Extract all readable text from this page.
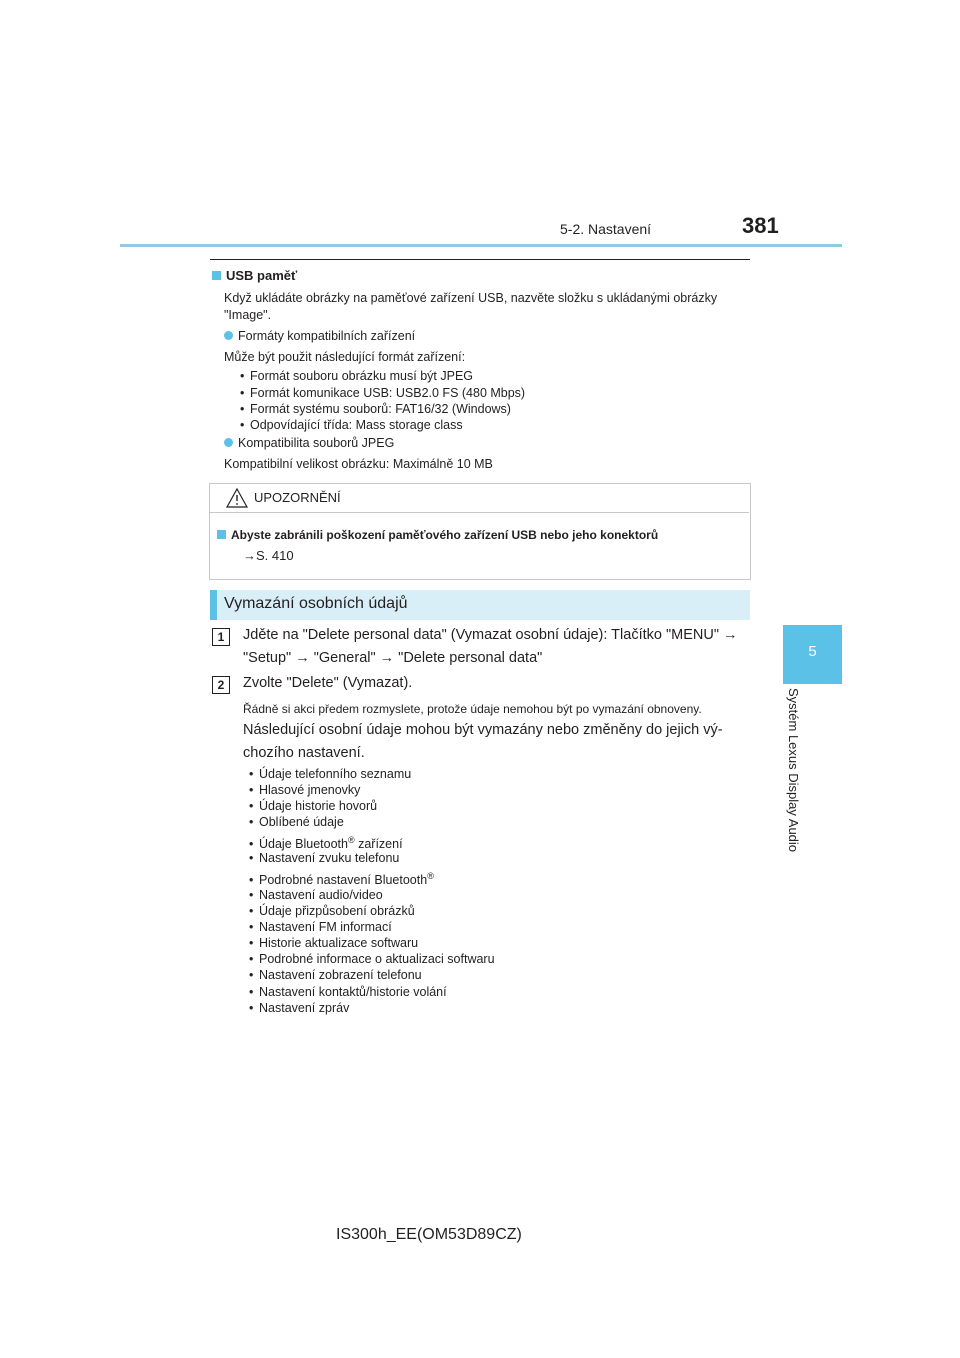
5-2. Nastavení	381
5
Systém Lexus Display Audio
USB paměť
Když ukládáte obrázky na paměťové zařízení USB, nazvěte složku s ukládanými obrázky
"Image".
Formáty kompatibilních zařízení
Může být použit následující formát zařízení:
• Formát souboru obrázku musí být JPEG
• Formát komunikace USB: USB2.0 FS (480 Mbps)
• Formát systému souborů: FAT16/32 (Windows)
• Odpovídající třída: Mass storage class
Kompatibilita souborů JPEG
Kompatibilní velikost obrázku: Maximálně 10 MB
UPOZORNĚNÍ
Abyste zabránili poškození paměťového zařízení USB nebo jeho konektorů
→S. 410
Vymazání osobních údajů
1	Jděte na "Delete personal data" (Vymazat osobní údaje): Tlačítko "MENU" →
"Setup" → "General" → "Delete personal data"
2	Zvolte "Delete" (Vymazat).
Řádně si akci předem rozmyslete, protože údaje nemohou být po vymazání obnoveny.
Následující osobní údaje mohou být vymazány nebo změněny do jejich vý-
chozího nastavení.
• Údaje telefonního seznamu
• Hlasové jmenovky
• Údaje historie hovorů
• Oblíbené údaje
• Údaje Bluetooth® zařízení
• Nastavení zvuku telefonu
• Podrobné nastavení Bluetooth®
• Nastavení audio/video
• Údaje přizpůsobení obrázků
• Nastavení FM informací
• Historie aktualizace softwaru
• Podrobné informace o aktualizaci softwaru
• Nastavení zobrazení telefonu
• Nastavení kontaktů/historie volání
• Nastavení zpráv
IS300h_EE(OM53D89CZ)
